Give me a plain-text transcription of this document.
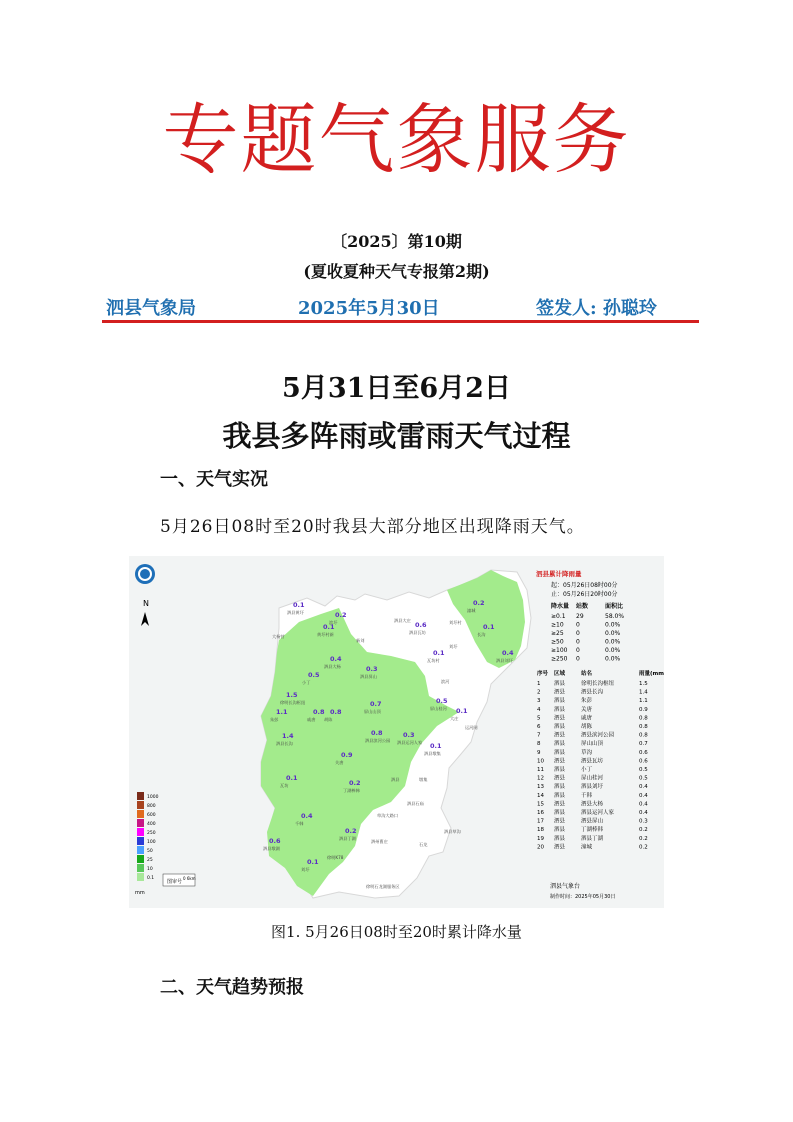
专题气象服务
〔2025〕第10期
(夏收夏种天气专报第2期)
泗县气象局	2025年5月30日	签发人: 孙聪玲
5月31日至6月2日
我县多阵雨或雷雨天气过程
一、天气实况
5月26日08时至20时我县大部分地区出现降雨天气。
0.1
泗县黄圩	0.2
滨圩
0.1
黄圩村新
大杨营
泗县大庄
0.6
泗县瓦坊
新刘
刘圩村
刘圩
0.2
潼城
0.1
长沟
0.1
瓦坊村
0.5
小丁
0.4
泗县大杨	0.3
泗县屏山
0.4
泗县刘圩
1.5
徐明长沟枢纽
1.1
朱彭
0.8
戚唐
0.8
胡陈
0.7
屏山山顶
滨河
0.5
屏山桂河 0.1
大庄
运河闸
1.4
泗县长沟
0.8
泗县滨河公园
0.3
泗县运河人家 0.1
泗县墩集
0.9
关唐
泗县
0.2
丁湖棒韩
0.1
瓦坊
墩集
泗县石庙
草沟大路口
泗县草沟
0.4
千韩
0.2
泗县丁湖
泗州曹庄
石龙
0.6
泗县墩湖
徐明K78
0.1
刘圩
徐明石龙湖服务区
N
1000
800
600
400
250
100
50
25
10
0.1
mm
图审号
0 6km
泗县累计降雨量
起：05月26日08时00分
止：05月26日20时00分
降水量 站数	面积比
≥0.1 29	58.0%
≥10 0	0.0%
≥25 0	0.0%
≥50 0	0.0%
≥100 0	0.0%
≥250 0	0.0%
序号 区域	站名	雨量(mm)
1 泗县	徐明长沟枢纽	1.5
2 泗县	泗县长沟	1.4
3 泗县	朱彭	1.1
4 泗县	关唐	0.9
5 泗县	戚唐	0.8
6 泗县	胡陈	0.8
7 泗县	泗县滨河公园	0.8
8 泗县	屏山山顶	0.7
9 泗县	草沟	0.6
10 泗县	泗县瓦坊	0.6
11 泗县	小丁	0.5
12 泗县	屏山桂河	0.5
13 泗县	泗县刘圩	0.4
14 泗县	千韩	0.4
15 泗县	泗县大杨	0.4
16 泗县	泗县运河人家	0.4
17 泗县	泗县屏山	0.3
18 泗县	丁湖棒韩	0.2
19 泗县	泗县丁湖	0.2
20 泗县	潼城	0.2
泗县气象台
制作时间：2025年05月30日
图1. 5月26日08时至20时累计降水量
二、天气趋势预报
